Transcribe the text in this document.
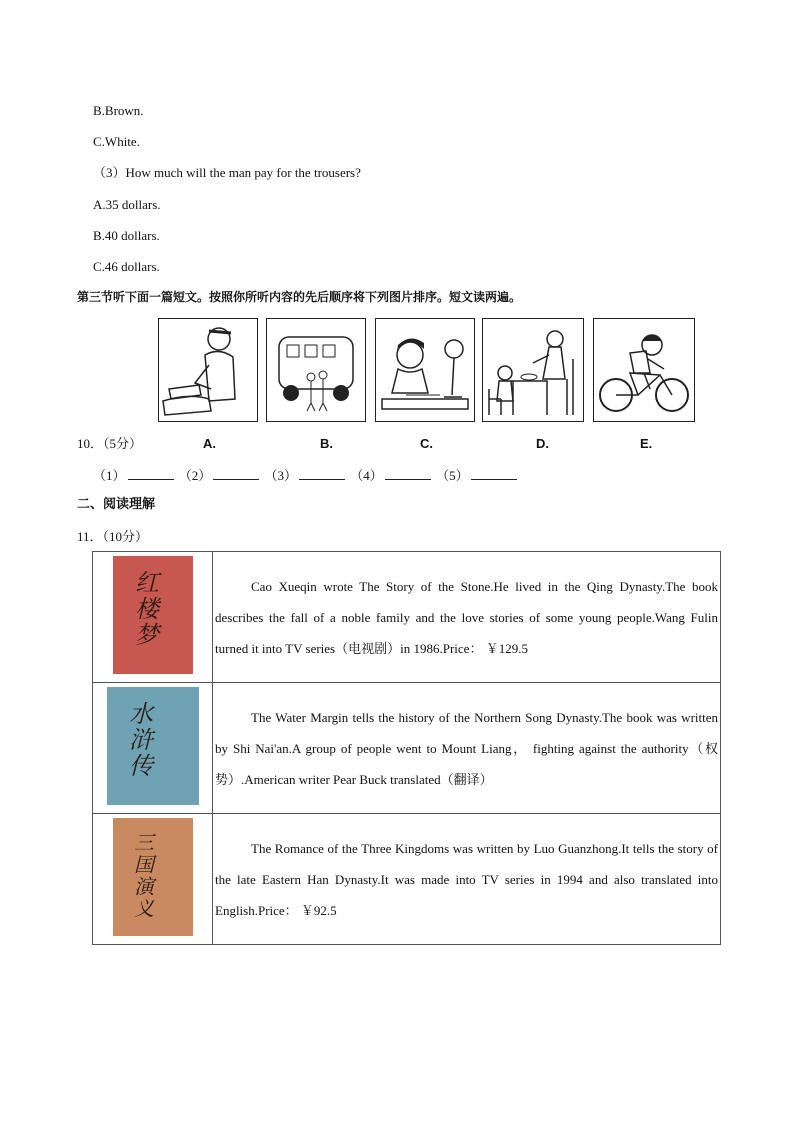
B.Brown.
C.White.
（3）How much will the man pay for the trousers?
A.35 dollars.
B.40 dollars.
C.46 dollars.
第三节听下面一篇短文。按照你所听内容的先后顺序将下列图片排序。短文读两遍。
A.	B.	C.	D.	E.
10．（5分）
（1）	（2）	（3）	（4）	（5）
二、阅读理解
11．（10分）
红楼梦	Cao Xueqin wrote The Story of the Stone.He lived in the Qing Dynasty.The book describes the fall of a noble family and the love stories of some young people.Wang Fulin turned it into TV series（电视剧）in 1986.Price： ￥129.5

水浒传	The Water Margin tells the history of the Northern Song Dynasty.The book was written by Shi Nai'an.A group of people went to Mount Liang， fighting against the authority（权势）.American writer Pear Buck translated（翻译）

三国演义	The Romance of the Three Kingdoms was written by Luo Guanzhong.It tells the story of the late Eastern Han Dynasty.It was made into TV series in 1994 and also translated into English.Price： ￥92.5
